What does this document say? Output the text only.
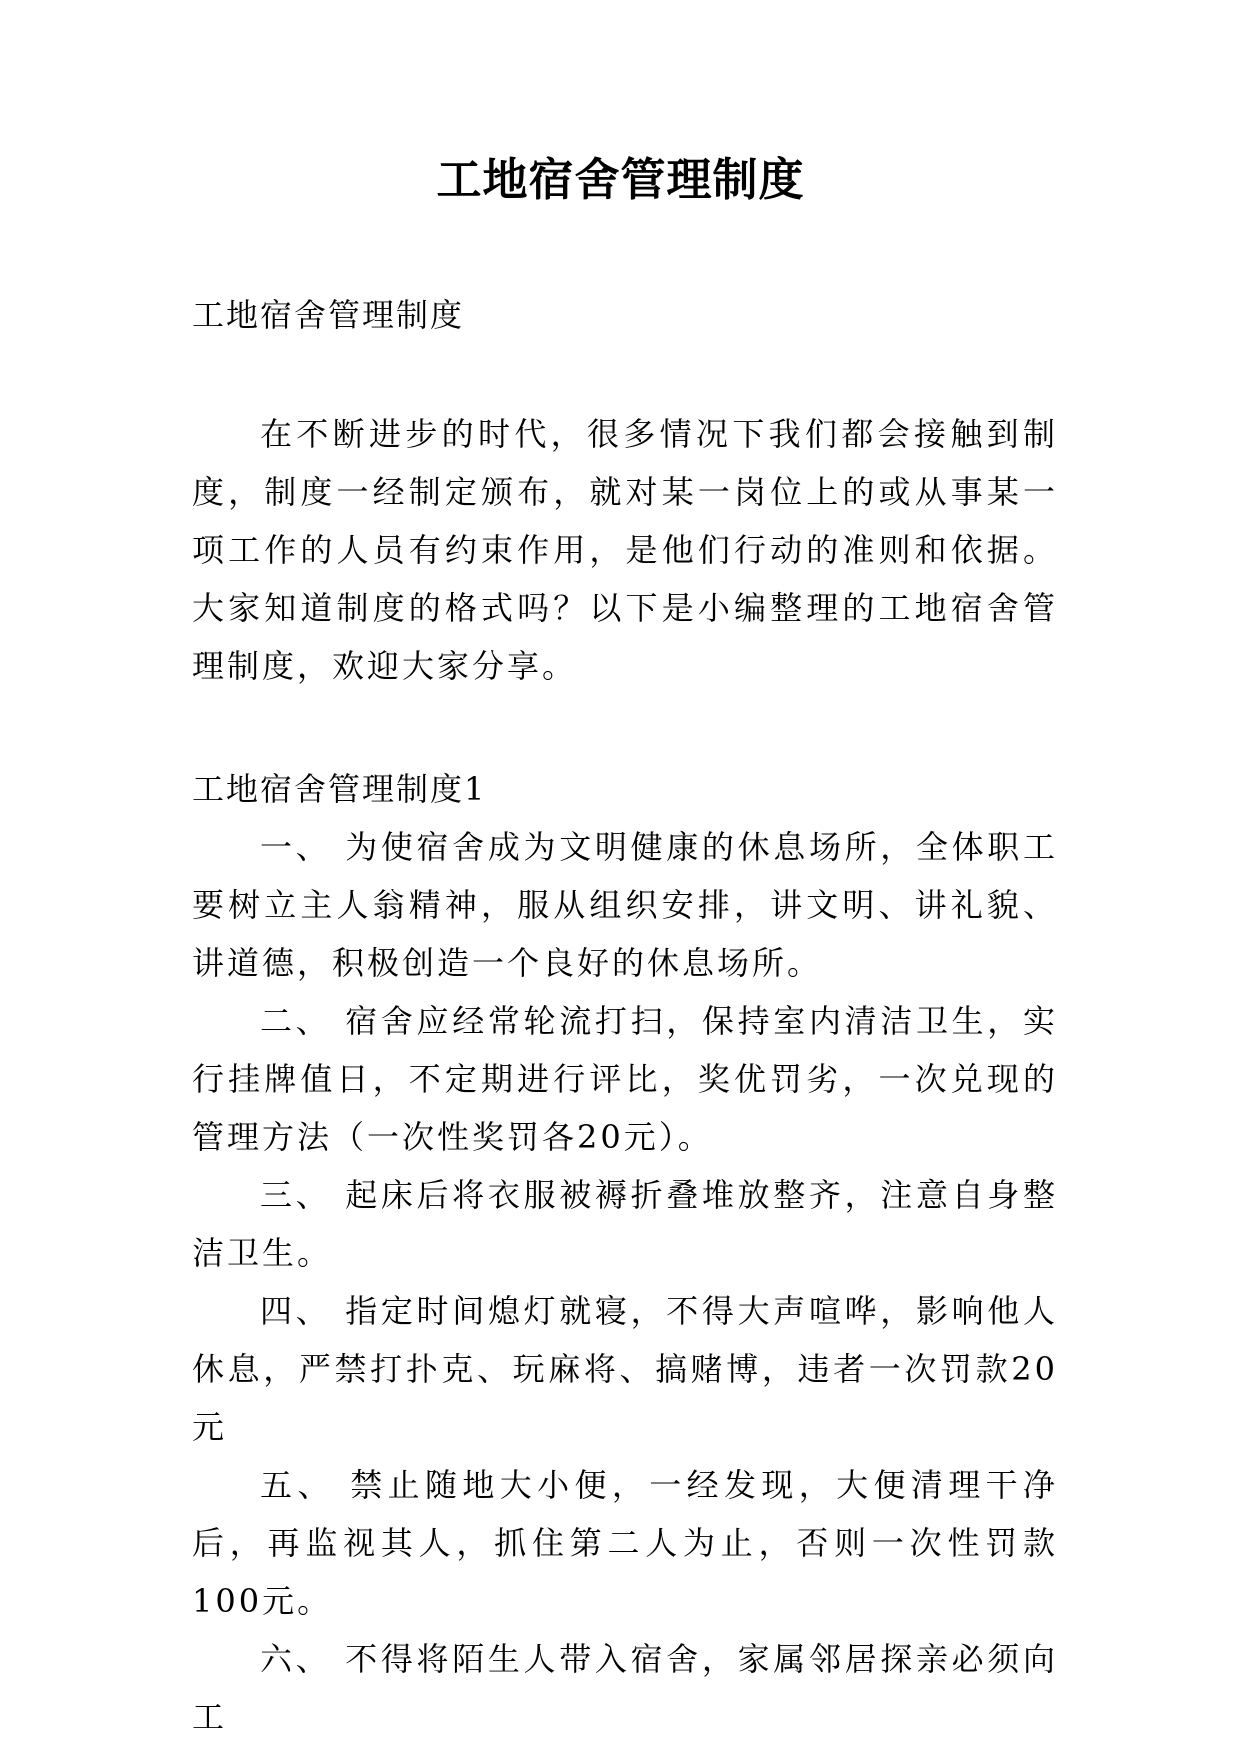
工地宿舍管理制度

工地宿舍管理制度

在不断进步的时代，很多情况下我们都会接触到制度，制度一经制定颁布，就对某一岗位上的或从事某一项工作的人员有约束作用，是他们行动的准则和依据。大家知道制度的格式吗？以下是小编整理的工地宿舍管理制度，欢迎大家分享。
工地宿舍管理制度1
一、 为使宿舍成为文明健康的休息场所，全体职工要树立主人翁精神，服从组织安排，讲文明、讲礼貌、讲道德，积极创造一个良好的休息场所。
二、 宿舍应经常轮流打扫，保持室内清洁卫生，实行挂牌值日，不定期进行评比，奖优罚劣，一次兑现的管理方法（一次性奖罚各20元）。
三、 起床后将衣服被褥折叠堆放整齐，注意自身整洁卫生。
四、 指定时间熄灯就寝，不得大声喧哗，影响他人休息，严禁打扑克、玩麻将、搞赌博，违者一次罚款20元
五、 禁止随地大小便，一经发现，大便清理干净后，再监视其人，抓住第二人为止，否则一次性罚款100元。
六、 不得将陌生人带入宿舍，家属邻居探亲必须向工
